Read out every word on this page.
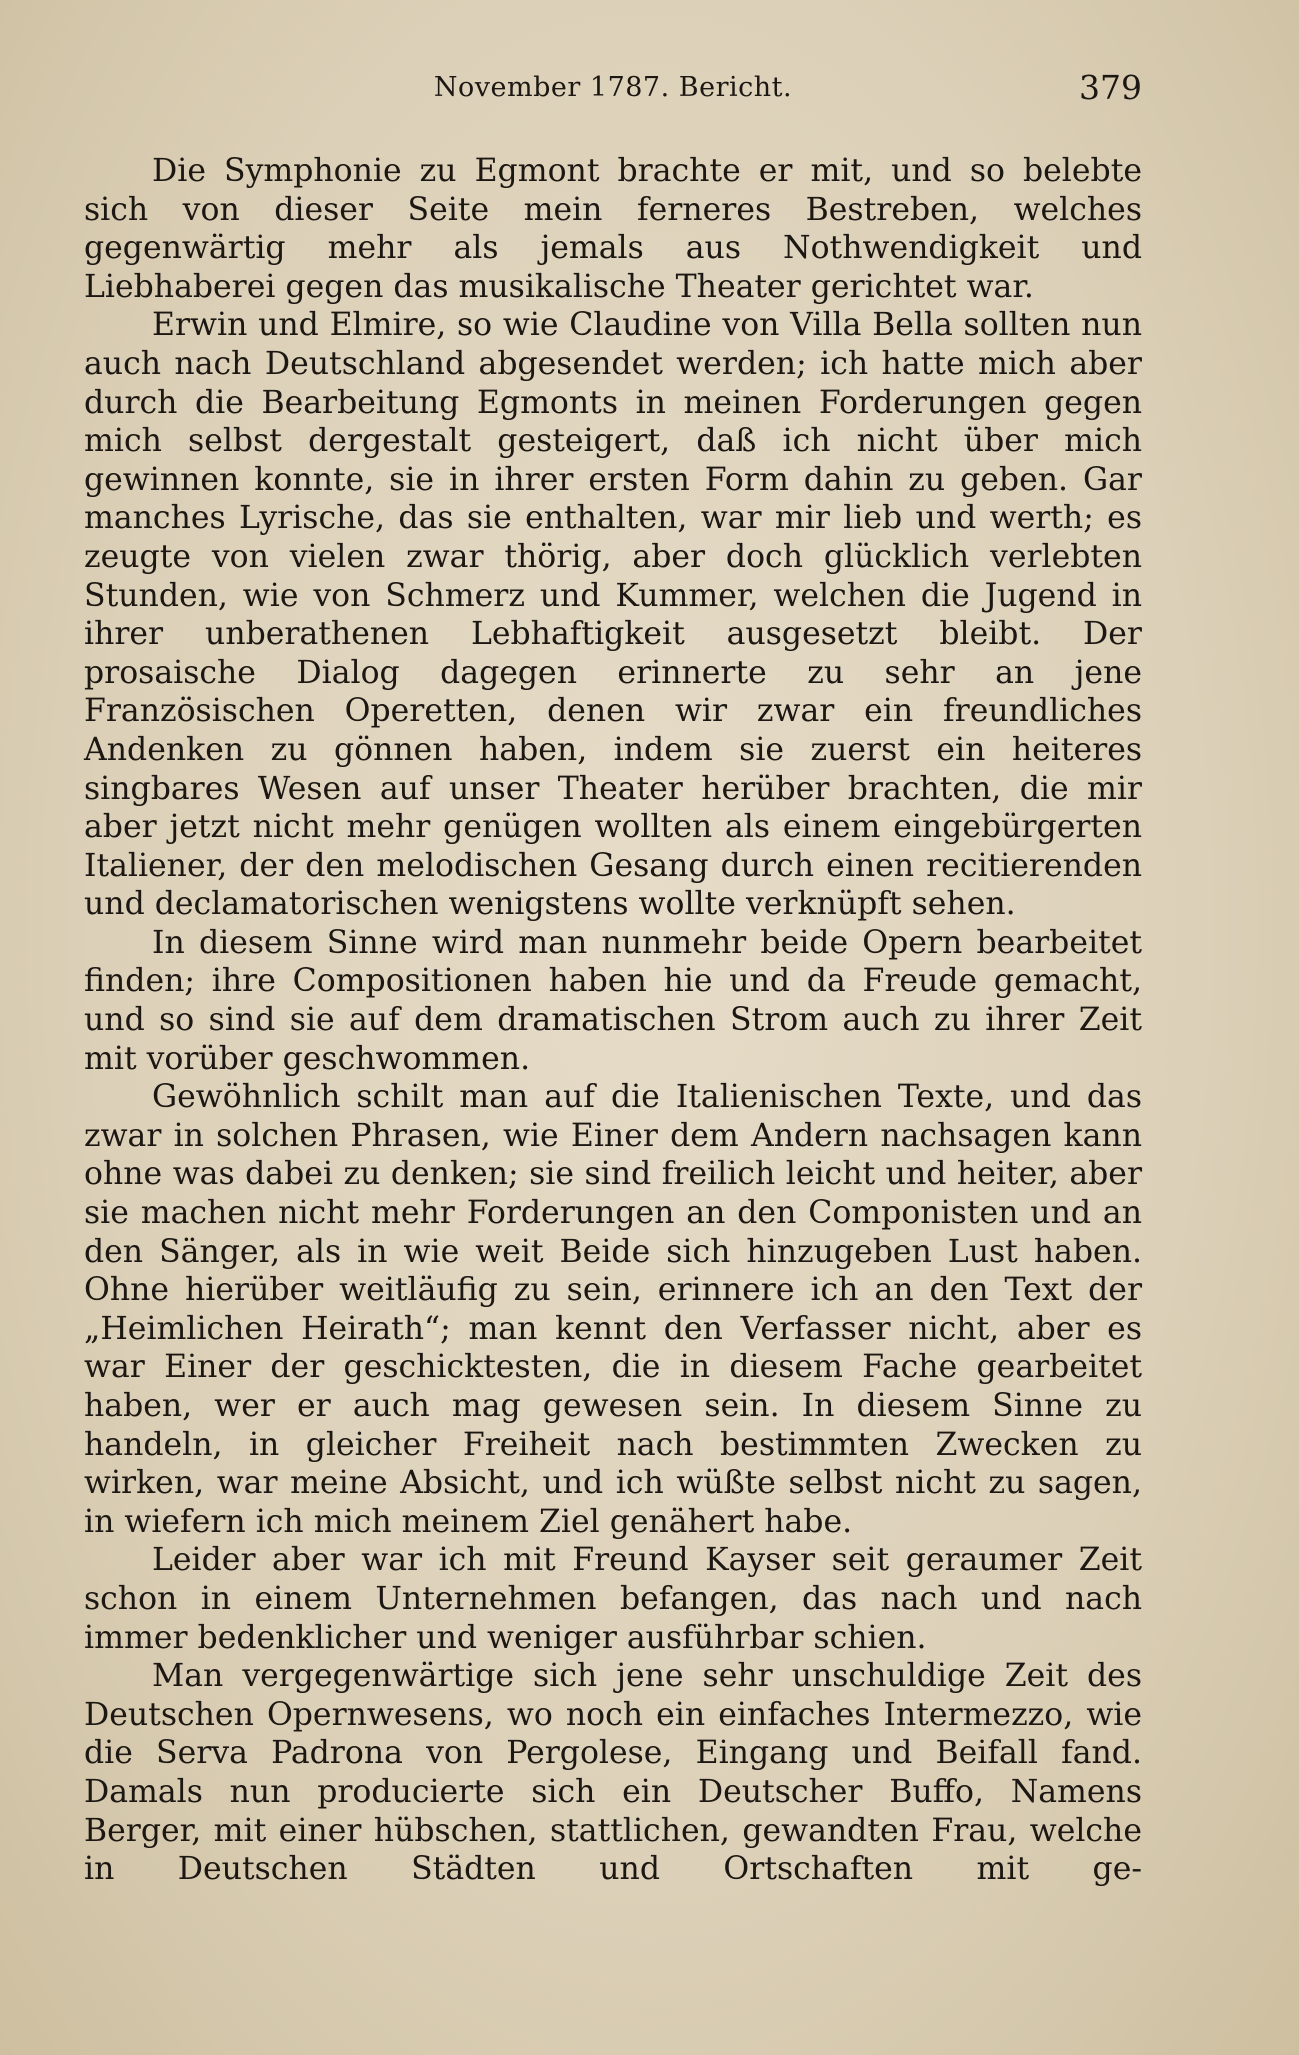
November 1787. Bericht.	379

Die Symphonie zu Egmont brachte er mit, und so belebte sich von dieser Seite mein ferneres Bestreben, welches gegenwärtig mehr als jemals aus Nothwendigkeit und Liebhaberei gegen das musikalische Theater gerichtet war.

Erwin und Elmire, so wie Claudine von Villa Bella sollten nun auch nach Deutschland abgesendet werden; ich hatte mich aber durch die Bearbeitung Egmonts in meinen Forderungen gegen mich selbst dergestalt gesteigert, daß ich nicht über mich gewinnen konnte, sie in ihrer ersten Form dahin zu geben. Gar manches Lyrische, das sie enthalten, war mir lieb und werth; es zeugte von vielen zwar thörig, aber doch glücklich verlebten Stunden, wie von Schmerz und Kummer, welchen die Jugend in ihrer unberathenen Lebhaftigkeit ausgesetzt bleibt. Der prosaische Dialog dagegen erinnerte zu sehr an jene Französischen Operetten, denen wir zwar ein freundliches Andenken zu gönnen haben, indem sie zuerst ein heiteres singbares Wesen auf unser Theater herüber brachten, die mir aber jetzt nicht mehr genügen wollten als einem eingebürgerten Italiener, der den melodischen Gesang durch einen recitierenden und declamatorischen wenigstens wollte verknüpft sehen.

In diesem Sinne wird man nunmehr beide Opern bearbeitet finden; ihre Compositionen haben hie und da Freude gemacht, und so sind sie auf dem dramatischen Strom auch zu ihrer Zeit mit vorüber geschwommen.

Gewöhnlich schilt man auf die Italienischen Texte, und das zwar in solchen Phrasen, wie Einer dem Andern nachsagen kann ohne was dabei zu denken; sie sind freilich leicht und heiter, aber sie machen nicht mehr Forderungen an den Componisten und an den Sänger, als in wie weit Beide sich hinzugeben Lust haben. Ohne hierüber weitläufig zu sein, erinnere ich an den Text der „Heimlichen Heirath“; man kennt den Verfasser nicht, aber es war Einer der geschicktesten, die in diesem Fache gearbeitet haben, wer er auch mag gewesen sein. In diesem Sinne zu handeln, in gleicher Freiheit nach bestimmten Zwecken zu wirken, war meine Absicht, und ich wüßte selbst nicht zu sagen, in wiefern ich mich meinem Ziel genähert habe.

Leider aber war ich mit Freund Kayser seit geraumer Zeit schon in einem Unternehmen befangen, das nach und nach immer bedenklicher und weniger ausführbar schien.

Man vergegenwärtige sich jene sehr unschuldige Zeit des Deutschen Opernwesens, wo noch ein einfaches Intermezzo, wie die Serva Padrona von Pergolese, Eingang und Beifall fand. Damals nun producierte sich ein Deutscher Buffo, Namens Berger, mit einer hübschen, stattlichen, gewandten Frau, welche in Deutschen Städten und Ortschaften mit ge-
